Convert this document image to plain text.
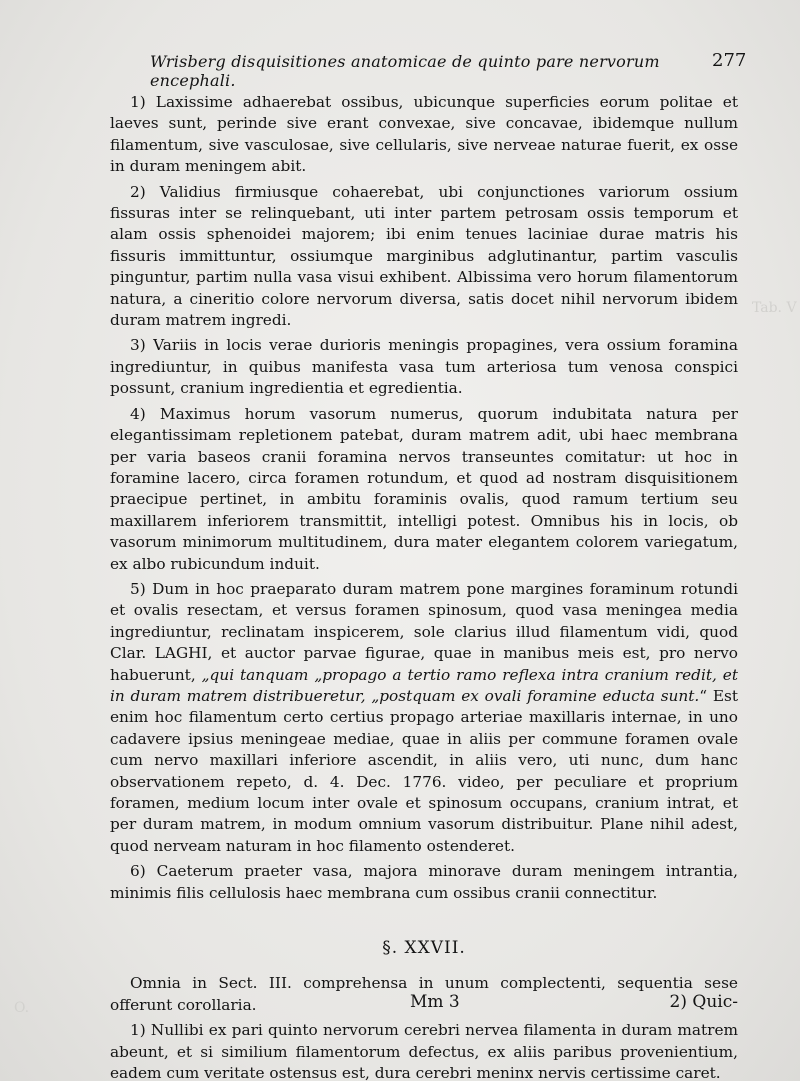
Tab. V
O.
Wrisberg disquisitiones anatomicae de quinto pare nervorum encephali.
277

1) Laxissime adhaerebat ossibus, ubicunque superficies eorum politae et laeves sunt, perinde sive erant convexae, sive concavae, ibidemque nullum filamentum, sive vasculosae, sive cellularis, sive nerveae naturae fuerit, ex osse in duram meningem abit.

2) Validius firmiusque cohaerebat, ubi conjunctiones variorum ossium fissuras inter se relinquebant, uti inter partem petrosam ossis temporum et alam ossis sphenoidei majorem; ibi enim tenues laciniae durae matris his fissuris immittuntur, ossiumque marginibus adglutinantur, partim vasculis pinguntur, partim nulla vasa visui exhibent. Albissima vero horum filamentorum natura, a cineritio colore nervorum diversa, satis docet nihil nervorum ibidem duram matrem ingredi.

3) Variis in locis verae durioris meningis propagines, vera ossium foramina ingrediuntur, in quibus manifesta vasa tum arteriosa tum venosa conspici possunt, cranium ingredientia et egredientia.

4) Maximus horum vasorum numerus, quorum indubitata natura per elegantissimam repletionem patebat, duram matrem adit, ubi haec membrana per varia baseos cranii foramina nervos transeuntes comitatur: ut hoc in foramine lacero, circa foramen rotundum, et quod ad nostram disquisitionem praecipue pertinet, in ambitu foraminis ovalis, quod ramum tertium seu maxillarem inferiorem transmittit, intelligi potest. Omnibus his in locis, ob vasorum minimorum multitudinem, dura mater elegantem colorem variegatum, ex albo rubicundum induit.

5) Dum in hoc praeparato duram matrem pone margines foraminum rotundi et ovalis resectam, et versus foramen spinosum, quod vasa meningea media ingrediuntur, reclinatam inspicerem, sole clarius illud filamentum vidi, quod Clar. LAGHI, et auctor parvae figurae, quae in manibus meis est, pro nervo habuerunt, „qui tanquam „propago a tertio ramo reflexa intra cranium redit, et in duram matrem distribueretur, „postquam ex ovali foramine educta sunt.“ Est enim hoc filamentum certo certius propago arteriae maxillaris internae, in uno cadavere ipsius meningeae mediae, quae in aliis per commune foramen ovale cum nervo maxillari inferiore ascendit, in aliis vero, uti nunc, dum hanc observationem repeto, d. 4. Dec. 1776. video, per peculiare et proprium foramen, medium locum inter ovale et spinosum occupans, cranium intrat, et per duram matrem, in modum omnium vasorum distribuitur. Plane nihil adest, quod nerveam naturam in hoc filamento ostenderet.

6) Caeterum praeter vasa, majora minorave duram meningem intrantia, minimis filis cellulosis haec membrana cum ossibus cranii connectitur.

§. XXVII.

Omnia in Sect. III. comprehensa in unum complectenti, sequentia sese offerunt corollaria.

1) Nullibi ex pari quinto nervorum cerebri nervea filamenta in duram matrem abeunt, et si similium filamentorum defectus, ex aliis paribus provenientium, eadem cum veritate ostensus est, dura cerebri meninx nervis certissime caret.

Mm 3	2) Quic-
